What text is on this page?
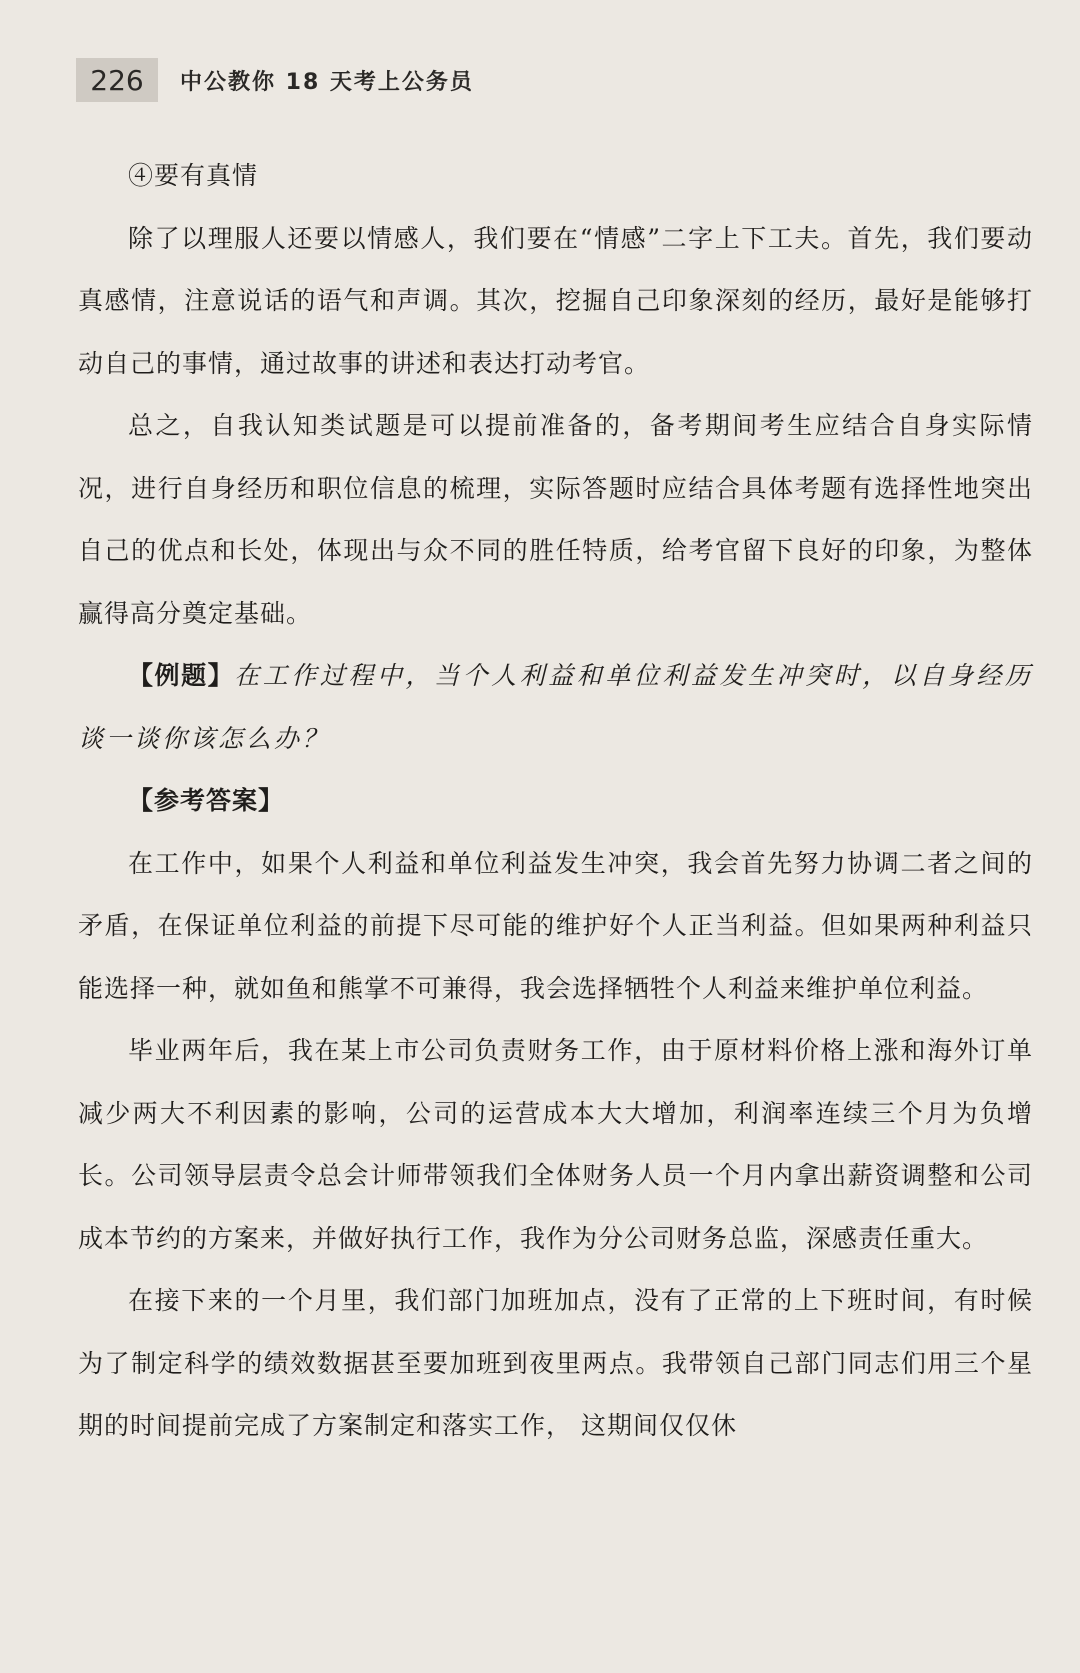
226	中公教你 18 天考上公务员

④要有真情

除了以理服人还要以情感人，我们要在“情感”二字上下工夫。首先，我们要动真感情，注意说话的语气和声调。其次，挖掘自己印象深刻的经历，最好是能够打动自己的事情，通过故事的讲述和表达打动考官。

总之，自我认知类试题是可以提前准备的，备考期间考生应结合自身实际情况，进行自身经历和职位信息的梳理，实际答题时应结合具体考题有选择性地突出自己的优点和长处，体现出与众不同的胜任特质，给考官留下良好的印象，为整体赢得高分奠定基础。

【例题】在工作过程中，当个人利益和单位利益发生冲突时，以自身经历谈一谈你该怎么办？

【参考答案】

在工作中，如果个人利益和单位利益发生冲突，我会首先努力协调二者之间的矛盾，在保证单位利益的前提下尽可能的维护好个人正当利益。但如果两种利益只能选择一种，就如鱼和熊掌不可兼得，我会选择牺牲个人利益来维护单位利益。

毕业两年后，我在某上市公司负责财务工作，由于原材料价格上涨和海外订单减少两大不利因素的影响，公司的运营成本大大增加，利润率连续三个月为负增长。公司领导层责令总会计师带领我们全体财务人员一个月内拿出薪资调整和公司成本节约的方案来，并做好执行工作，我作为分公司财务总监，深感责任重大。

在接下来的一个月里，我们部门加班加点，没有了正常的上下班时间，有时候为了制定科学的绩效数据甚至要加班到夜里两点。我带领自己部门同志们用三个星期的时间提前完成了方案制定和落实工作， 这期间仅仅休
